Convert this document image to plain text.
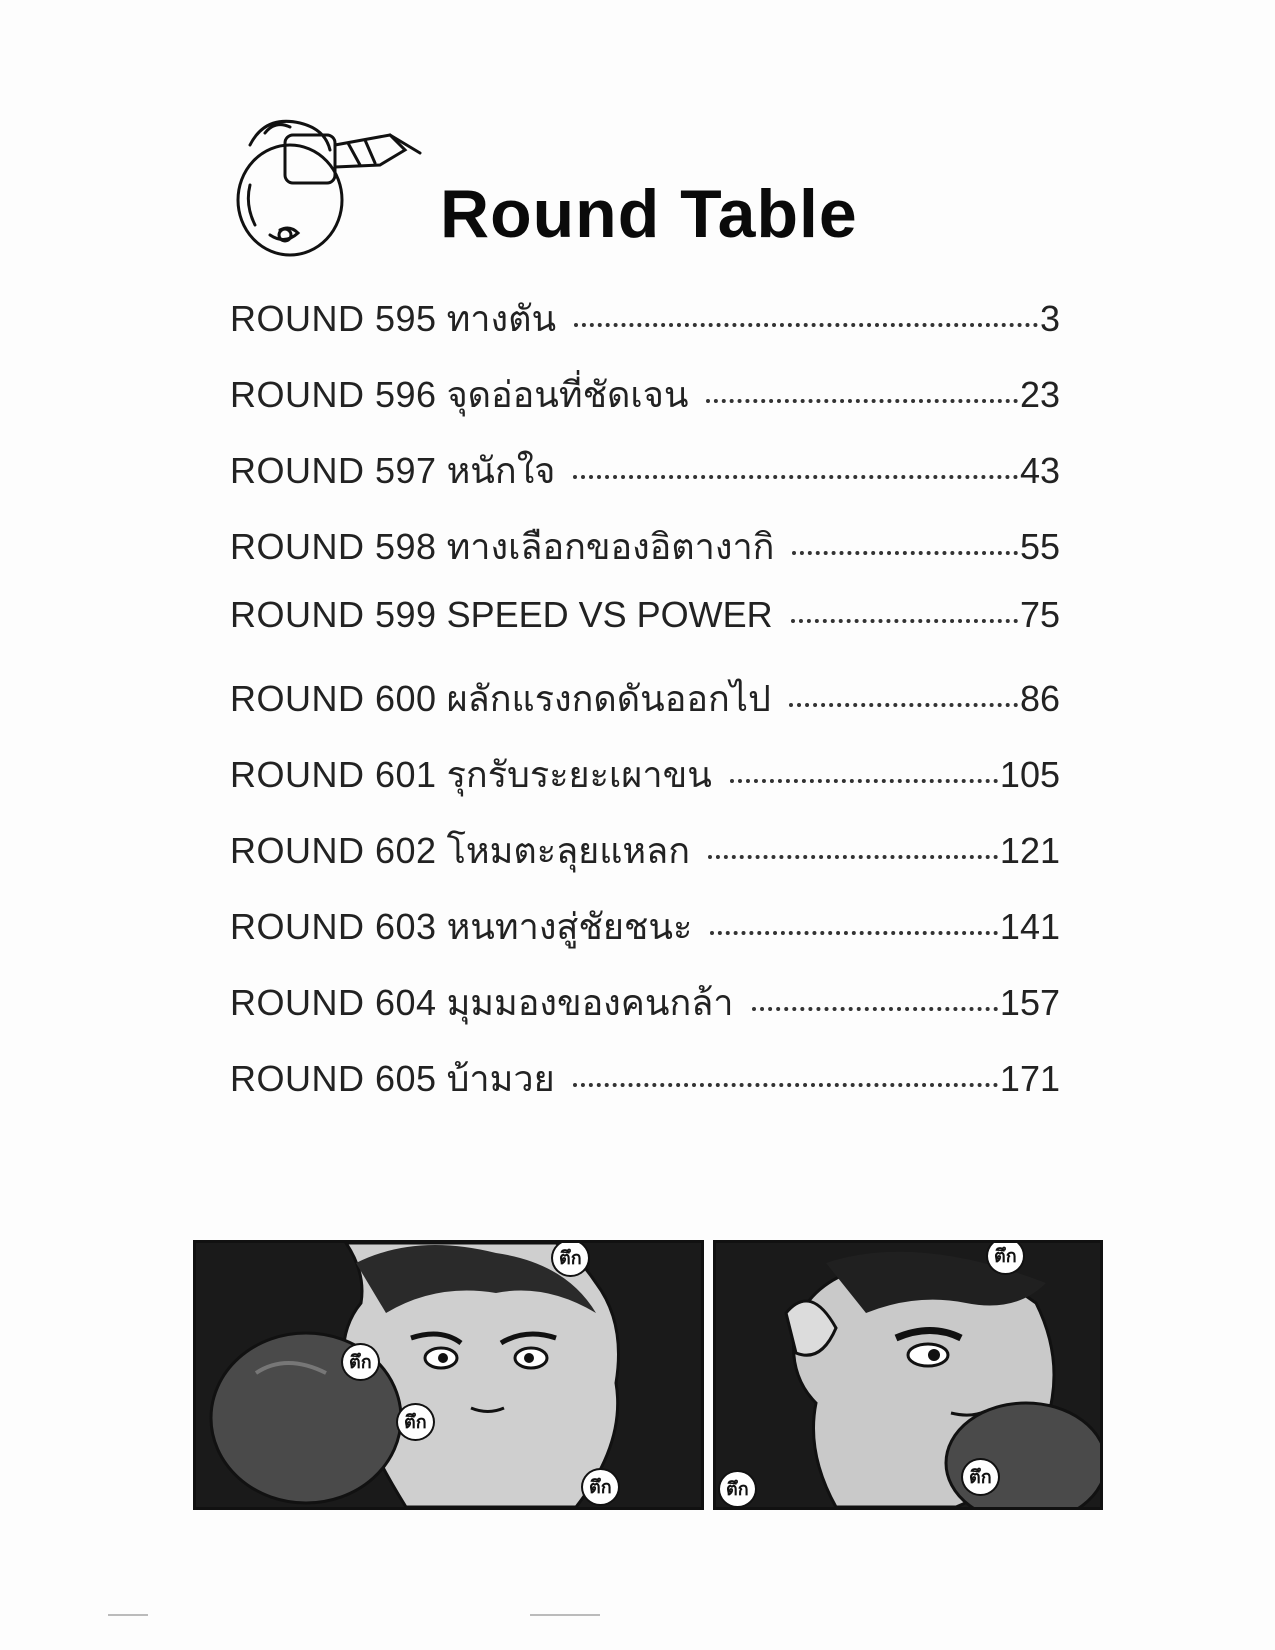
Round Table
ROUND 595 ทางตัน	3
ROUND 596 จุดอ่อนที่ชัดเจน	23
ROUND 597 หนักใจ	43
ROUND 598 ทางเลือกของอิตางากิ	55
ROUND 599 SPEED VS POWER	75
ROUND 600 ผลักแรงกดดันออกไป	86
ROUND 601 รุกรับระยะเผาขน	105
ROUND 602 โหมตะลุยแหลก	121
ROUND 603 หนทางสู่ชัยชนะ	141
ROUND 604 มุมมองของคนกล้า	157
ROUND 605 บ้ามวย	171
ตึก
ตึก
ตึก
ตึก
ตึก
ตึก
ตึก
